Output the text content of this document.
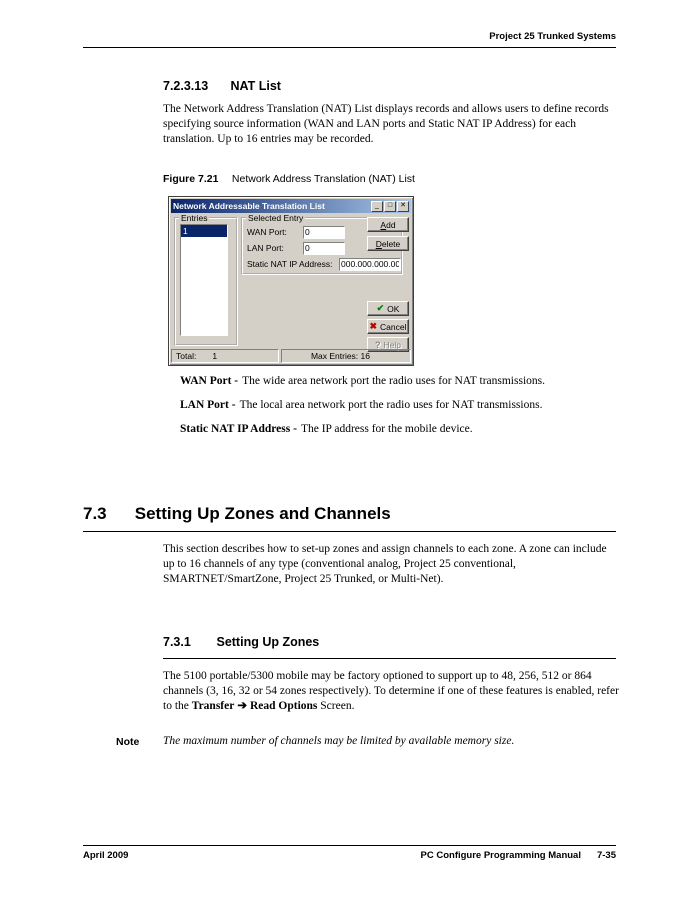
Project 25 Trunked Systems
7.2.3.13 NAT List

The Network Address Translation (NAT) List displays records and allows users to define records specifying source information (WAN and LAN ports and Static NAT IP Address) for each translation. Up to 16 entries may be recorded.

Figure 7.21 Network Address Translation (NAT) List
Network Addressable Translation List	_	□	✕
Entries
1
Selected Entry
WAN Port:
0
LAN Port:
0
Static NAT IP Address:
000.000.000.000
Add
Delete
✔ OK
✖ Cancel
? Help
Total: 1	Max Entries: 16
WAN Port - The wide area network port the radio uses for NAT transmissions.
LAN Port - The local area network port the radio uses for NAT transmissions.
Static NAT IP Address - The IP address for the mobile device.
7.3 Setting Up Zones and Channels

This section describes how to set-up zones and assign channels to each zone. A zone can include up to 16 channels of any type (conventional analog, Project 25 conventional, SMARTNET/SmartZone, Project 25 Trunked, or Multi-Net).

7.3.1 Setting Up Zones

The 5100 portable/5300 mobile may be factory optioned to support up to 48, 256, 512 or 864 channels (3, 16, 32 or 54 zones respectively). To determine if one of these features is enabled, refer to the Transfer ➔ Read Options Screen.

Note The maximum number of channels may be limited by available memory size.
April 2009	PC Configure Programming Manual 7-35
